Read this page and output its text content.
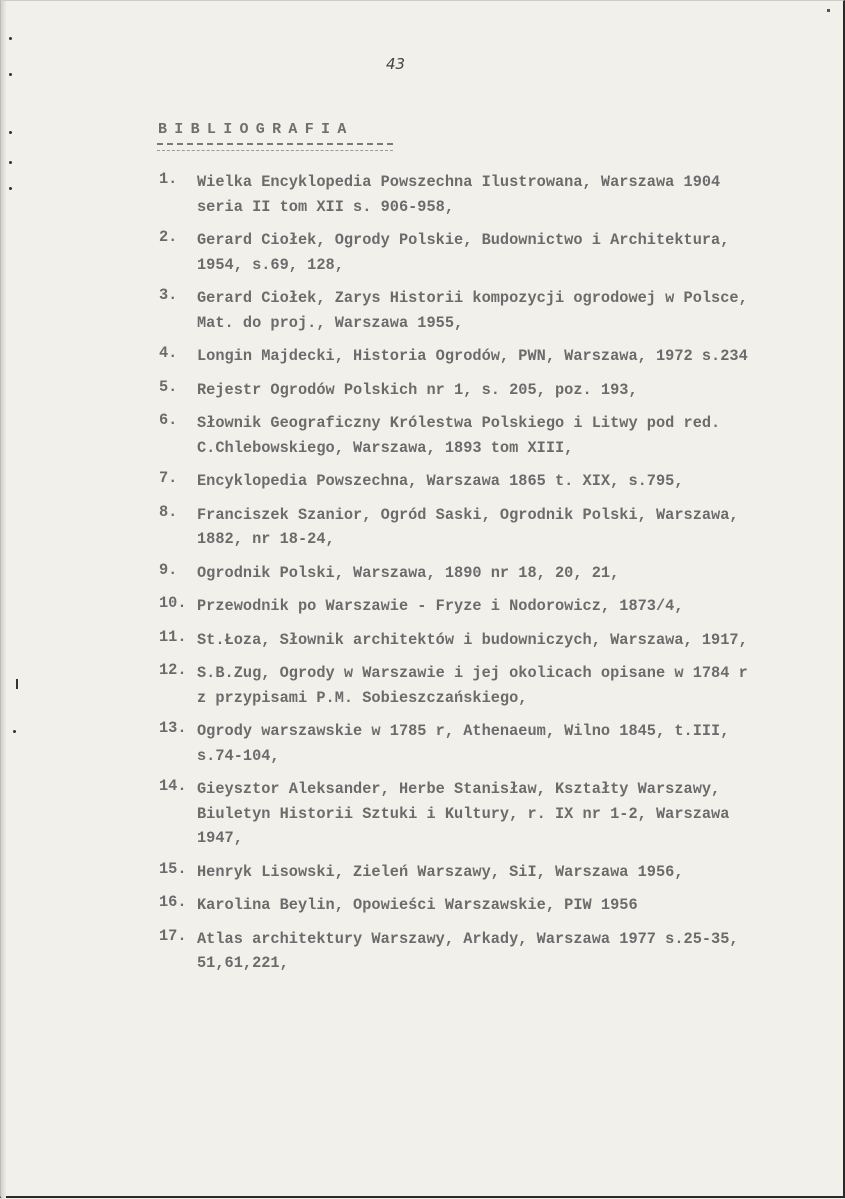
43
BIBLIOGRAFIA
1.	Wielka Encyklopedia Powszechna Ilustrowana, Warszawa 1904
seria II tom XII s. 906-958,
2.	Gerard Ciołek, Ogrody Polskie, Budownictwo i Architektura,
1954, s.69, 128,
3.	Gerard Ciołek, Zarys Historii kompozycji ogrodowej w Polsce,
Mat. do proj., Warszawa 1955,
4.	Longin Majdecki, Historia Ogrodów, PWN, Warszawa, 1972 s.234
5.	Rejestr Ogrodów Polskich nr 1, s. 205, poz. 193,
6.	Słownik Geograficzny Królestwa Polskiego i Litwy pod red.
C.Chlebowskiego, Warszawa, 1893 tom XIII,
7.	Encyklopedia Powszechna, Warszawa 1865 t. XIX, s.795,
8.	Franciszek Szanior, Ogród Saski, Ogrodnik Polski, Warszawa,
1882, nr 18-24,
9.	Ogrodnik Polski, Warszawa, 1890 nr 18, 20, 21,
10. Przewodnik po Warszawie - Fryze i Nodorowicz, 1873/4,
11. St.Łoza, Słownik architektów i budowniczych, Warszawa, 1917,
12. S.B.Zug, Ogrody w Warszawie i jej okolicach opisane w 1784 r
z przypisami P.M. Sobieszczańskiego,
13. Ogrody warszawskie w 1785 r, Athenaeum, Wilno 1845, t.III,
s.74-104,
14. Gieysztor Aleksander, Herbe Stanisław, Kształty Warszawy,
Biuletyn Historii Sztuki i Kultury, r. IX nr 1-2, Warszawa
1947,
15. Henryk Lisowski, Zieleń Warszawy, SiI, Warszawa 1956,
16. Karolina Beylin, Opowieści Warszawskie, PIW 1956
17. Atlas architektury Warszawy, Arkady, Warszawa 1977 s.25-35,
51,61,221,
